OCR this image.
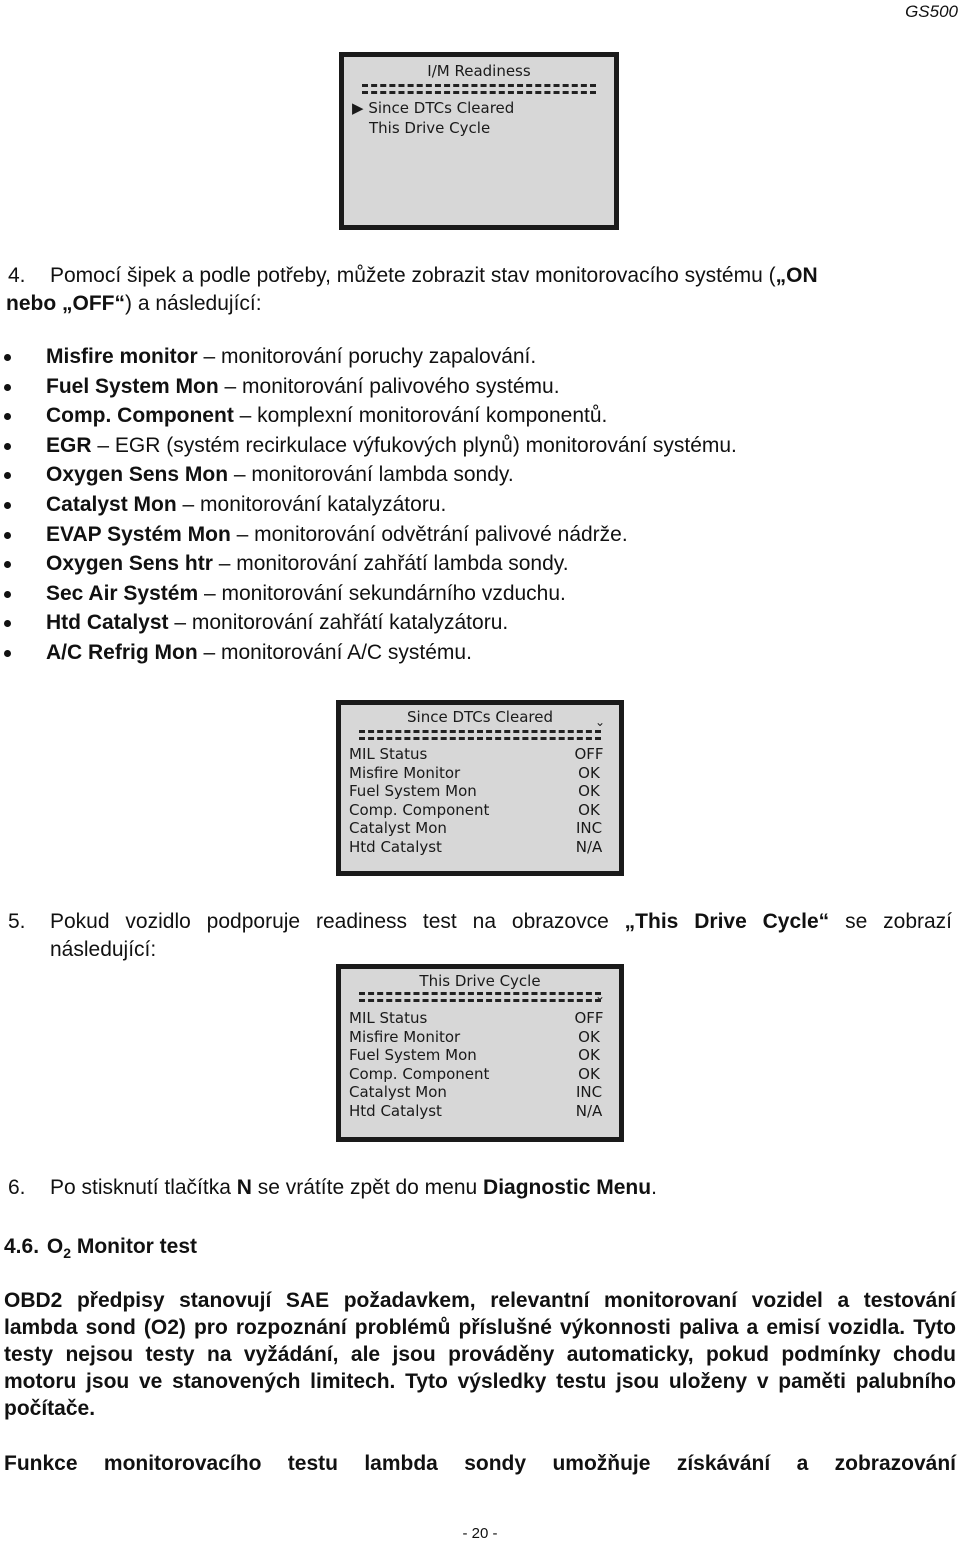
GS500
I/M Readiness
▶ Since DTCs Cleared
This Drive Cycle
4. Pomocí šipek a podle potřeby, můžete zobrazit stav monitorovacího systému („ON
nebo „OFF“) a následující:
Misfire monitor – monitorování poruchy zapalování.
Fuel System Mon – monitorování palivového systému.
Comp. Component – komplexní monitorování komponentů.
EGR – EGR (systém recirkulace výfukových plynů) monitorování systému.
Oxygen Sens Mon – monitorování lambda sondy.
Catalyst Mon – monitorování katalyzátoru.
EVAP Systém Mon – monitorování odvětrání palivové nádrže.
Oxygen Sens htr – monitorování zahřátí lambda sondy.
Sec Air Systém – monitorování sekundárního vzduchu.
Htd Catalyst – monitorování zahřátí katalyzátoru.
A/C Refrig Mon – monitorování A/C systému.
Since DTCs Cleared	⌄
MIL Status	OFF
Misfire Monitor	OK
Fuel System Mon	OK
Comp. Component	OK
Catalyst Mon	INC
Htd Catalyst	N/A
5. Pokud vozidlo podporuje readiness test na obrazovce „This Drive Cycle“ se zobrazí následující:
This Drive Cycle
⌄
MIL Status	OFF
Misfire Monitor	OK
Fuel System Mon	OK
Comp. Component	OK
Catalyst Mon	INC
Htd Catalyst	N/A
6. Po stisknutí tlačítka N se vrátíte zpět do menu Diagnostic Menu.
4.6. $O_2$ Monitor test
OBD2 předpisy stanovují SAE požadavkem, relevantní monitorovaní vozidel a testování lambda sond (O2) pro rozpoznání problémů příslušné výkonnosti paliva a emisí vozidla. Tyto testy nejsou testy na vyžádání, ale jsou prováděny automaticky, pokud podmínky chodu motoru jsou ve stanovených limitech. Tyto výsledky testu jsou uloženy v paměti palubního počítače.
Funkce monitorovacího testu lambda sondy umožňuje získávání a zobrazování
- 20 -
